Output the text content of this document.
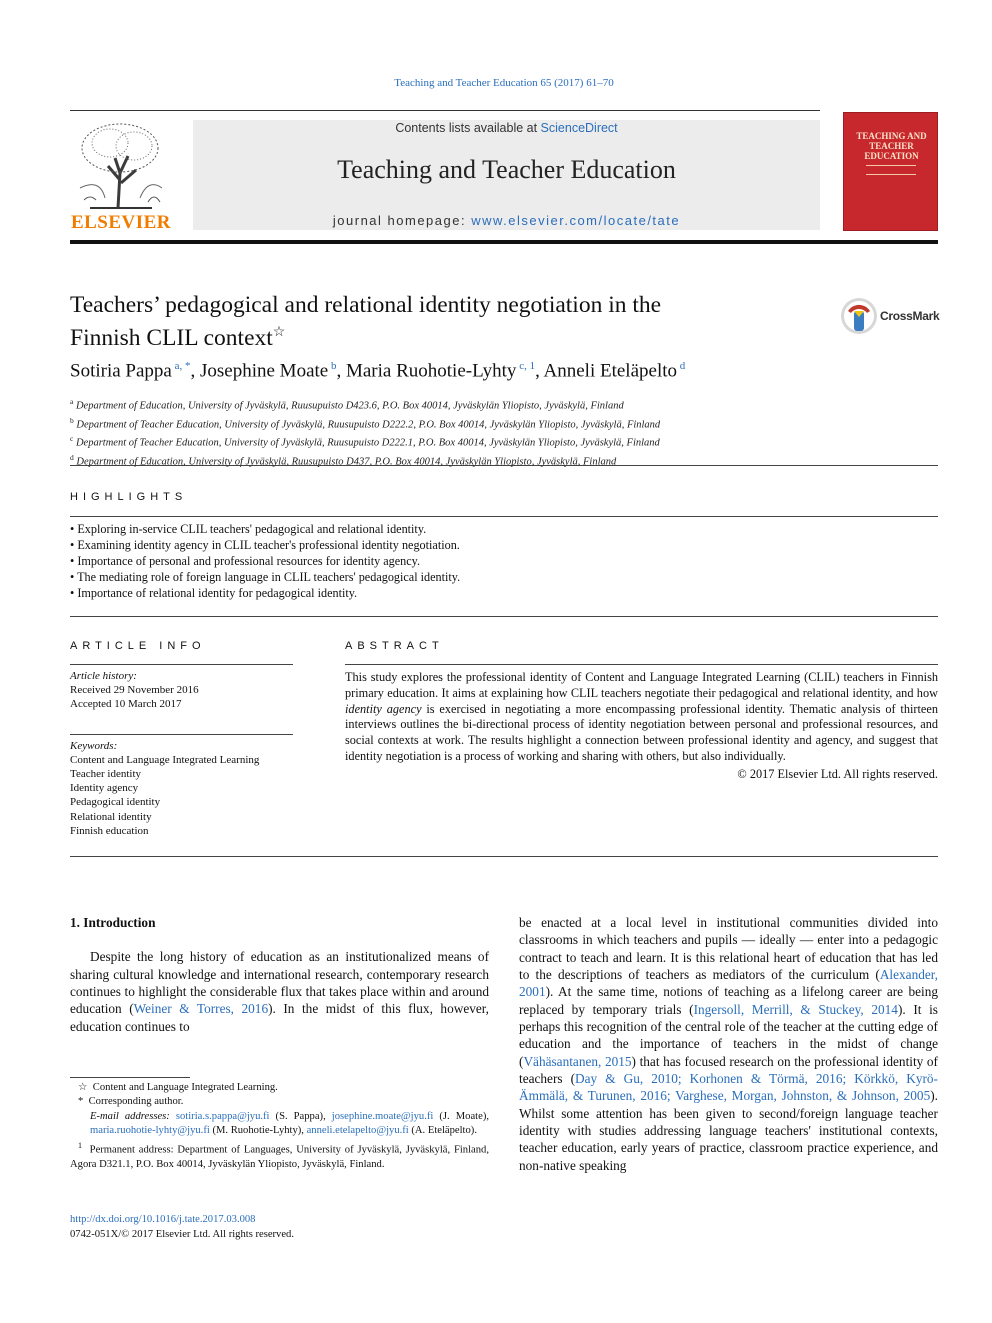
Teaching and Teacher Education 65 (2017) 61–70
ELSEVIER
Contents lists available at ScienceDirect
Teaching and Teacher Education
journal homepage: www.elsevier.com/locate/tate
TEACHING AND TEACHER EDUCATION
Teachers’ pedagogical and relational identity negotiation in the
Finnish CLIL context☆
CrossMark
Sotiria Pappa $^{a, *}$, Josephine Moate $^b$, Maria Ruohotie-Lyhty $^{c, 1}$, Anneli Eteläpelto $^d$
$^a$ Department of Education, University of Jyväskylä, Ruusupuisto D423.6, P.O. Box 40014, Jyväskylän Yliopisto, Jyväskylä, Finland
$^b$ Department of Teacher Education, University of Jyväskylä, Ruusupuisto D222.2, P.O. Box 40014, Jyväskylän Yliopisto, Jyväskylä, Finland
$^c$ Department of Teacher Education, University of Jyväskylä, Ruusupuisto D222.1, P.O. Box 40014, Jyväskylän Yliopisto, Jyväskylä, Finland
$^d$ Department of Education, University of Jyväskylä, Ruusupuisto D437, P.O. Box 40014, Jyväskylän Yliopisto, Jyväskylä, Finland
HIGHLIGHTS
• Exploring in-service CLIL teachers' pedagogical and relational identity.
• Examining identity agency in CLIL teacher's professional identity negotiation.
• Importance of personal and professional resources for identity agency.
• The mediating role of foreign language in CLIL teachers' pedagogical identity.
• Importance of relational identity for pedagogical identity.
ARTICLE INFO
Article history:
Received 29 November 2016
Accepted 10 March 2017
Keywords:
Content and Language Integrated Learning
Teacher identity
Identity agency
Pedagogical identity
Relational identity
Finnish education
ABSTRACT
This study explores the professional identity of Content and Language Integrated Learning (CLIL) teachers in Finnish primary education. It aims at explaining how CLIL teachers negotiate their pedagogical and relational identity, and how identity agency is exercised in negotiating a more encompassing professional identity. Thematic analysis of thirteen interviews outlines the bi-directional process of identity negotiation between personal and professional resources, and social contexts at work. The results highlight a connection between professional identity and agency, and suggest that identity negotiation is a process of working and sharing with others, but also individually.
© 2017 Elsevier Ltd. All rights reserved.
1. Introduction

Despite the long history of education as an institutionalized means of sharing cultural knowledge and international research, contemporary research continues to highlight the considerable flux that takes place within and around education (Weiner & Torres, 2016). In the midst of this flux, however, education continues to

be enacted at a local level in institutional communities divided into classrooms in which teachers and pupils — ideally — enter into a pedagogic contract to teach and learn. It is this relational heart of education that has led to the descriptions of teachers as mediators of the curriculum (Alexander, 2001). At the same time, notions of teaching as a lifelong career are being replaced by temporary trials (Ingersoll, Merrill, & Stuckey, 2014). It is perhaps this recognition of the central role of the teacher at the cutting edge of education and the importance of teachers in the midst of change (Vähäsantanen, 2015) that has focused research on the professional identity of teachers (Day & Gu, 2010; Korhonen & Törmä, 2016; Körkkö, Kyrö-Ämmälä, & Turunen, 2016; Varghese, Morgan, Johnston, & Johnson, 2005). Whilst some attention has been given to second/foreign language teacher identity with studies addressing language teachers' institutional contexts, teacher education, early years of practice, classroom practice experience, and non-native speaking

☆ Content and Language Integrated Learning.
* Corresponding author.
E-mail addresses: sotiria.s.pappa@jyu.fi (S. Pappa), josephine.moate@jyu.fi (J. Moate), maria.ruohotie-lyhty@jyu.fi (M. Ruohotie-Lyhty), anneli.etelapelto@jyu.fi (A. Eteläpelto).
$^1$ Permanent address: Department of Languages, University of Jyväskylä, Jyväskylä, Finland, Agora D321.1, P.O. Box 40014, Jyväskylän Yliopisto, Jyväskylä, Finland.
http://dx.doi.org/10.1016/j.tate.2017.03.008
0742-051X/© 2017 Elsevier Ltd. All rights reserved.
